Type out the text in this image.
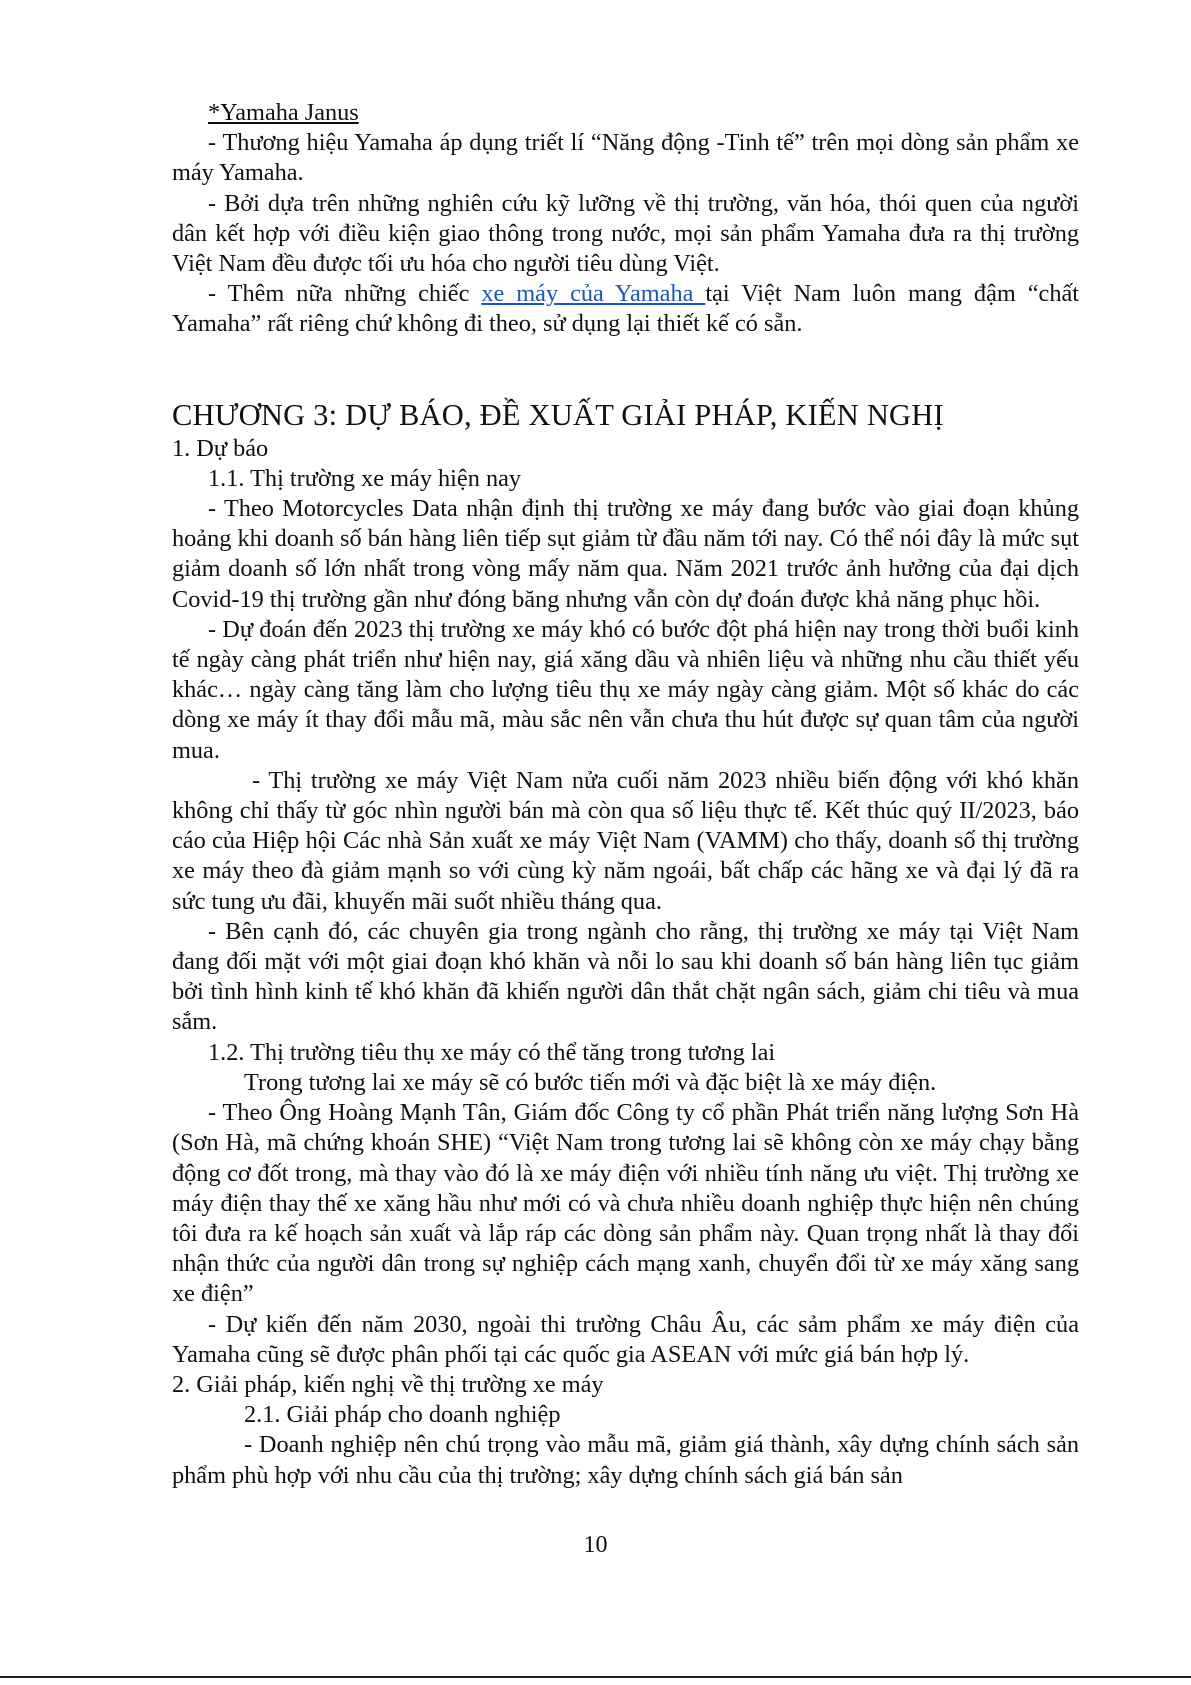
*Yamaha Janus

- Thương hiệu Yamaha áp dụng triết lí “Năng động -Tinh tế” trên mọi dòng sản phẩm xe máy Yamaha.

- Bởi dựa trên những nghiên cứu kỹ lưỡng về thị trường, văn hóa, thói quen của người dân kết hợp với điều kiện giao thông trong nước, mọi sản phẩm Yamaha đưa ra thị trường Việt Nam đều được tối ưu hóa cho người tiêu dùng Việt.

- Thêm nữa những chiếc xe máy của Yamaha tại Việt Nam luôn mang đậm “chất Yamaha” rất riêng chứ không đi theo, sử dụng lại thiết kế có sẵn.

CHƯƠNG 3: DỰ BÁO, ĐỀ XUẤT GIẢI PHÁP, KIẾN NGHỊ

1. Dự báo

1.1. Thị trường xe máy hiện nay

- Theo Motorcycles Data nhận định thị trường xe máy đang bước vào giai đoạn khủng hoảng khi doanh số bán hàng liên tiếp sụt giảm từ đầu năm tới nay. Có thể nói đây là mức sụt giảm doanh số lớn nhất trong vòng mấy năm qua. Năm 2021 trước ảnh hưởng của đại dịch Covid-19 thị trường gần như đóng băng nhưng vẫn còn dự đoán được khả năng phục hồi.

- Dự đoán đến 2023 thị trường xe máy khó có bước đột phá hiện nay trong thời buổi kinh tế ngày càng phát triển như hiện nay, giá xăng dầu và nhiên liệu và những nhu cầu thiết yếu khác… ngày càng tăng làm cho lượng tiêu thụ xe máy ngày càng giảm. Một số khác do các dòng xe máy ít thay đổi mẫu mã, màu sắc nên vẫn chưa thu hút được sự quan tâm của người mua.

- Thị trường xe máy Việt Nam nửa cuối năm 2023 nhiều biến động với khó khăn không chỉ thấy từ góc nhìn người bán mà còn qua số liệu thực tế. Kết thúc quý II/2023, báo cáo của Hiệp hội Các nhà Sản xuất xe máy Việt Nam (VAMM) cho thấy, doanh số thị trường xe máy theo đà giảm mạnh so với cùng kỳ năm ngoái, bất chấp các hãng xe và đại lý đã ra sức tung ưu đãi, khuyến mãi suốt nhiều tháng qua.

- Bên cạnh đó, các chuyên gia trong ngành cho rằng, thị trường xe máy tại Việt Nam đang đối mặt với một giai đoạn khó khăn và nỗi lo sau khi doanh số bán hàng liên tục giảm bởi tình hình kinh tế khó khăn đã khiến người dân thắt chặt ngân sách, giảm chi tiêu và mua sắm.

1.2. Thị trường tiêu thụ xe máy có thể tăng trong tương lai

Trong tương lai xe máy sẽ có bước tiến mới và đặc biệt là xe máy điện.

- Theo Ông Hoàng Mạnh Tân, Giám đốc Công ty cổ phần Phát triển năng lượng Sơn Hà (Sơn Hà, mã chứng khoán SHE) “Việt Nam trong tương lai sẽ không còn xe máy chạy bằng động cơ đốt trong, mà thay vào đó là xe máy điện với nhiều tính năng ưu việt. Thị trường xe máy điện thay thế xe xăng hầu như mới có và chưa nhiều doanh nghiệp thực hiện nên chúng tôi đưa ra kế hoạch sản xuất và lắp ráp các dòng sản phẩm này. Quan trọng nhất là thay đổi nhận thức của người dân trong sự nghiệp cách mạng xanh, chuyển đổi từ xe máy xăng sang xe điện”

- Dự kiến đến năm 2030, ngoài thi trường Châu Âu, các sảm phẩm xe máy điện của Yamaha cũng sẽ được phân phối tại các quốc gia ASEAN với mức giá bán hợp lý.

2. Giải pháp, kiến nghị về thị trường xe máy

2.1. Giải pháp cho doanh nghiệp

- Doanh nghiệp nên chú trọng vào mẫu mã, giảm giá thành, xây dựng chính sách sản phẩm phù hợp với nhu cầu của thị trường; xây dựng chính sách giá bán sản

10
